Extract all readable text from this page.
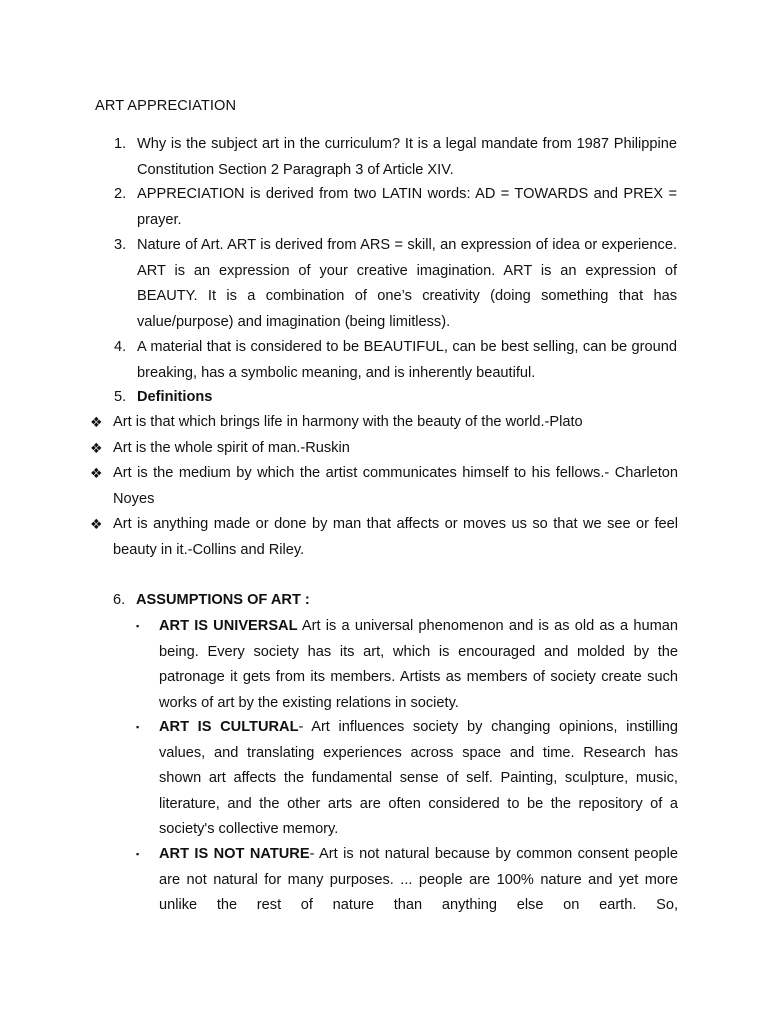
ART APPRECIATION
1. Why is the subject art in the curriculum? It is a legal mandate from 1987 Philippine Constitution Section 2 Paragraph 3 of Article XIV.
2. APPRECIATION is derived from two LATIN words: AD = TOWARDS and PREX = prayer.
3. Nature of Art. ART is derived from ARS = skill, an expression of idea or experience. ART is an expression of your creative imagination. ART is an expression of BEAUTY. It is a combination of one’s creativity (doing something that has value/purpose) and imagination (being limitless).
4. A material that is considered to be BEAUTIFUL, can be best selling, can be ground breaking, has a symbolic meaning, and is inherently beautiful.
5. Definitions
❖ Art is that which brings life in harmony with the beauty of the world.-Plato
❖ Art is the whole spirit of man.-Ruskin
❖ Art is the medium by which the artist communicates himself to his fellows.- Charleton Noyes
❖ Art is anything made or done by man that affects or moves us so that we see or feel beauty in it.-Collins and Riley.
6. ASSUMPTIONS OF ART :
▪ ART IS UNIVERSAL Art is a universal phenomenon and is as old as a human being. Every society has its art, which is encouraged and molded by the patronage it gets from its members. Artists as members of society create such works of art by the existing relations in society.
▪ ART IS CULTURAL- Art influences society by changing opinions, instilling values, and translating experiences across space and time. Research has shown art affects the fundamental sense of self. Painting, sculpture, music, literature, and the other arts are often considered to be the repository of a society's collective memory.
▪ ART IS NOT NATURE- Art is not natural because by common consent people are not natural for many purposes. ... people are 100% nature and yet more unlike the rest of nature than anything else on earth. So,
